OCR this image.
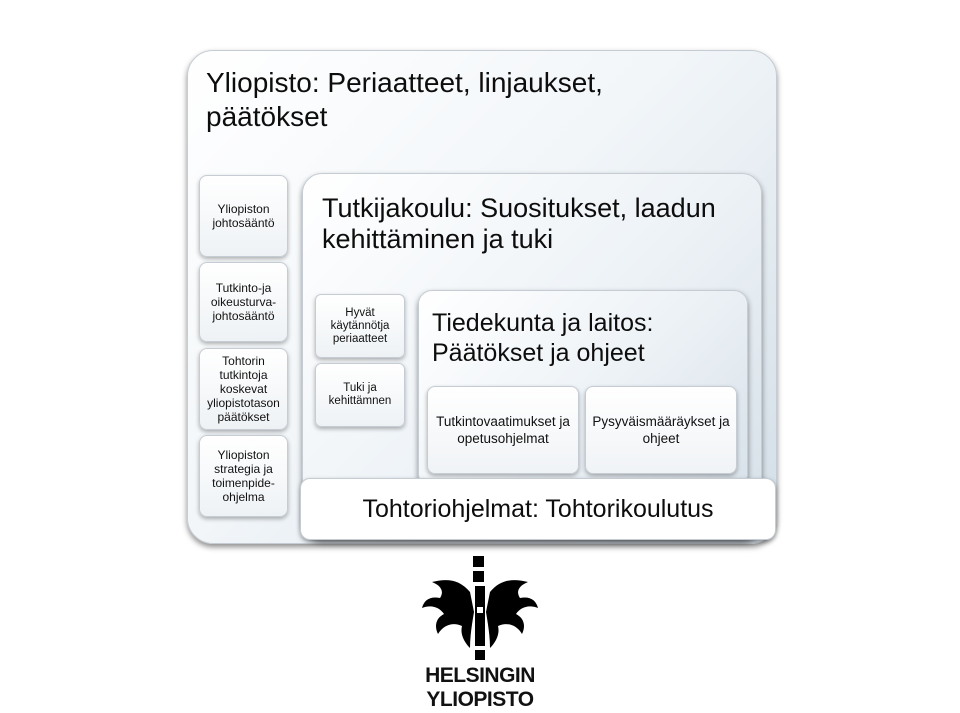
Yliopisto: Periaatteet, linjaukset, päätökset
Yliopiston johtosääntö
Tutkinto-ja oikeusturva-johtosääntö
Tohtorin tutkintoja koskevat yliopistotason päätökset
Yliopiston strategia ja toimenpide-ohjelma
Tutkijakoulu: Suositukset, laadun kehittäminen ja tuki
Hyvät käytännötja periaatteet
Tuki ja kehittämnen
Tiedekunta ja laitos: Päätökset ja ohjeet
Tutkintovaatimukset ja opetusohjelmat
Pysyväismääräykset ja ohjeet
Tohtoriohjelmat: Tohtorikoulutus
HELSINGIN YLIOPISTO
